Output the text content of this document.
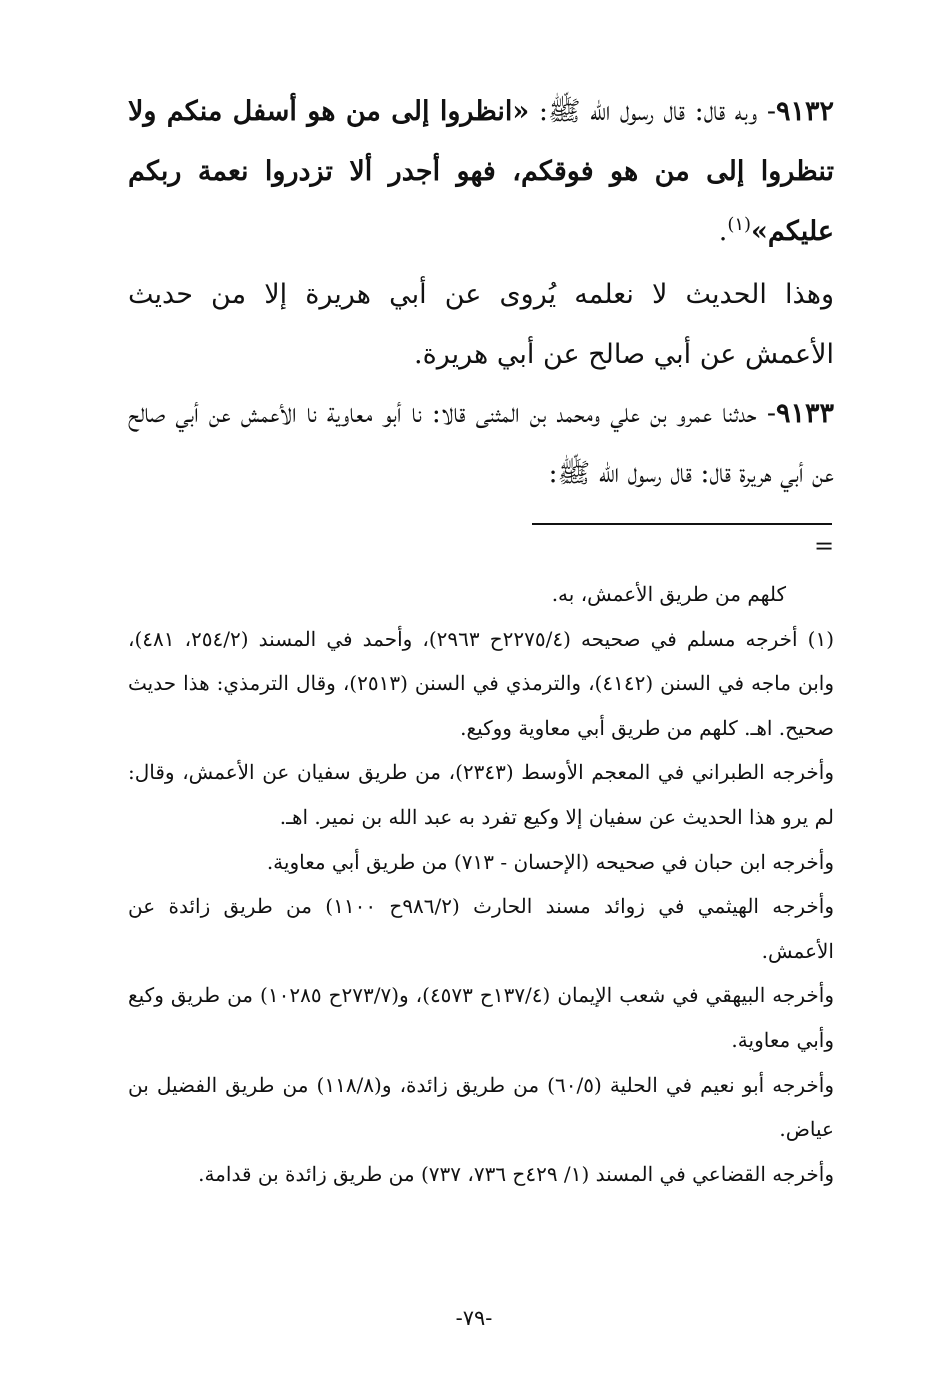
٩١٣٢- وبه قال: قال رسول الله ﷺ: «انظروا إلى من هو أسفل منكم ولا تنظروا إلى من هو فوقكم، فهو أجدر ألا تزدروا نعمة ربكم عليكم»$^{(١)}$.

وهذا الحديث لا نعلمه يُروى عن أبي هريرة إلا من حديث الأعمش عن أبي صالح عن أبي هريرة.

٩١٣٣- حدثنا عمرو بن علي ومحمد بن المثنى قالا: نا أبو معاوية نا الأعمش عن أبي صالح عن أبي هريرة قال: قال رسول الله ﷺ:

=

كلهم من طريق الأعمش، به.

(١) أخرجه مسلم في صحيحه (٢٢٧٥/٤ح ٢٩٦٣)، وأحمد في المسند (٢٥٤/٢، ٤٨١)، وابن ماجه في السنن (٤١٤٢)، والترمذي في السنن (٢٥١٣)، وقال الترمذي: هذا حديث صحيح. اهـ. كلهم من طريق أبي معاوية ووكيع.

وأخرجه الطبراني في المعجم الأوسط (٢٣٤٣)، من طريق سفيان عن الأعمش، وقال: لم يرو هذا الحديث عن سفيان إلا وكيع تفرد به عبد الله بن نمير. اهـ.

وأخرجه ابن حبان في صحيحه (الإحسان - ٧١٣) من طريق أبي معاوية.

وأخرجه الهيثمي في زوائد مسند الحارث (٩٨٦/٢ح ١١٠٠) من طريق زائدة عن الأعمش.

وأخرجه البيهقي في شعب الإيمان (١٣٧/٤ح ٤٥٧٣)، و(٢٧٣/٧ح ١٠٢٨٥) من طريق وكيع وأبي معاوية.

وأخرجه أبو نعيم في الحلية (٦٠/٥) من طريق زائدة، و(١١٨/٨) من طريق الفضيل بن عياض.

وأخرجه القضاعي في المسند (١/ ٤٢٩ح ٧٣٦، ٧٣٧) من طريق زائدة بن قدامة.

-٧٩-
